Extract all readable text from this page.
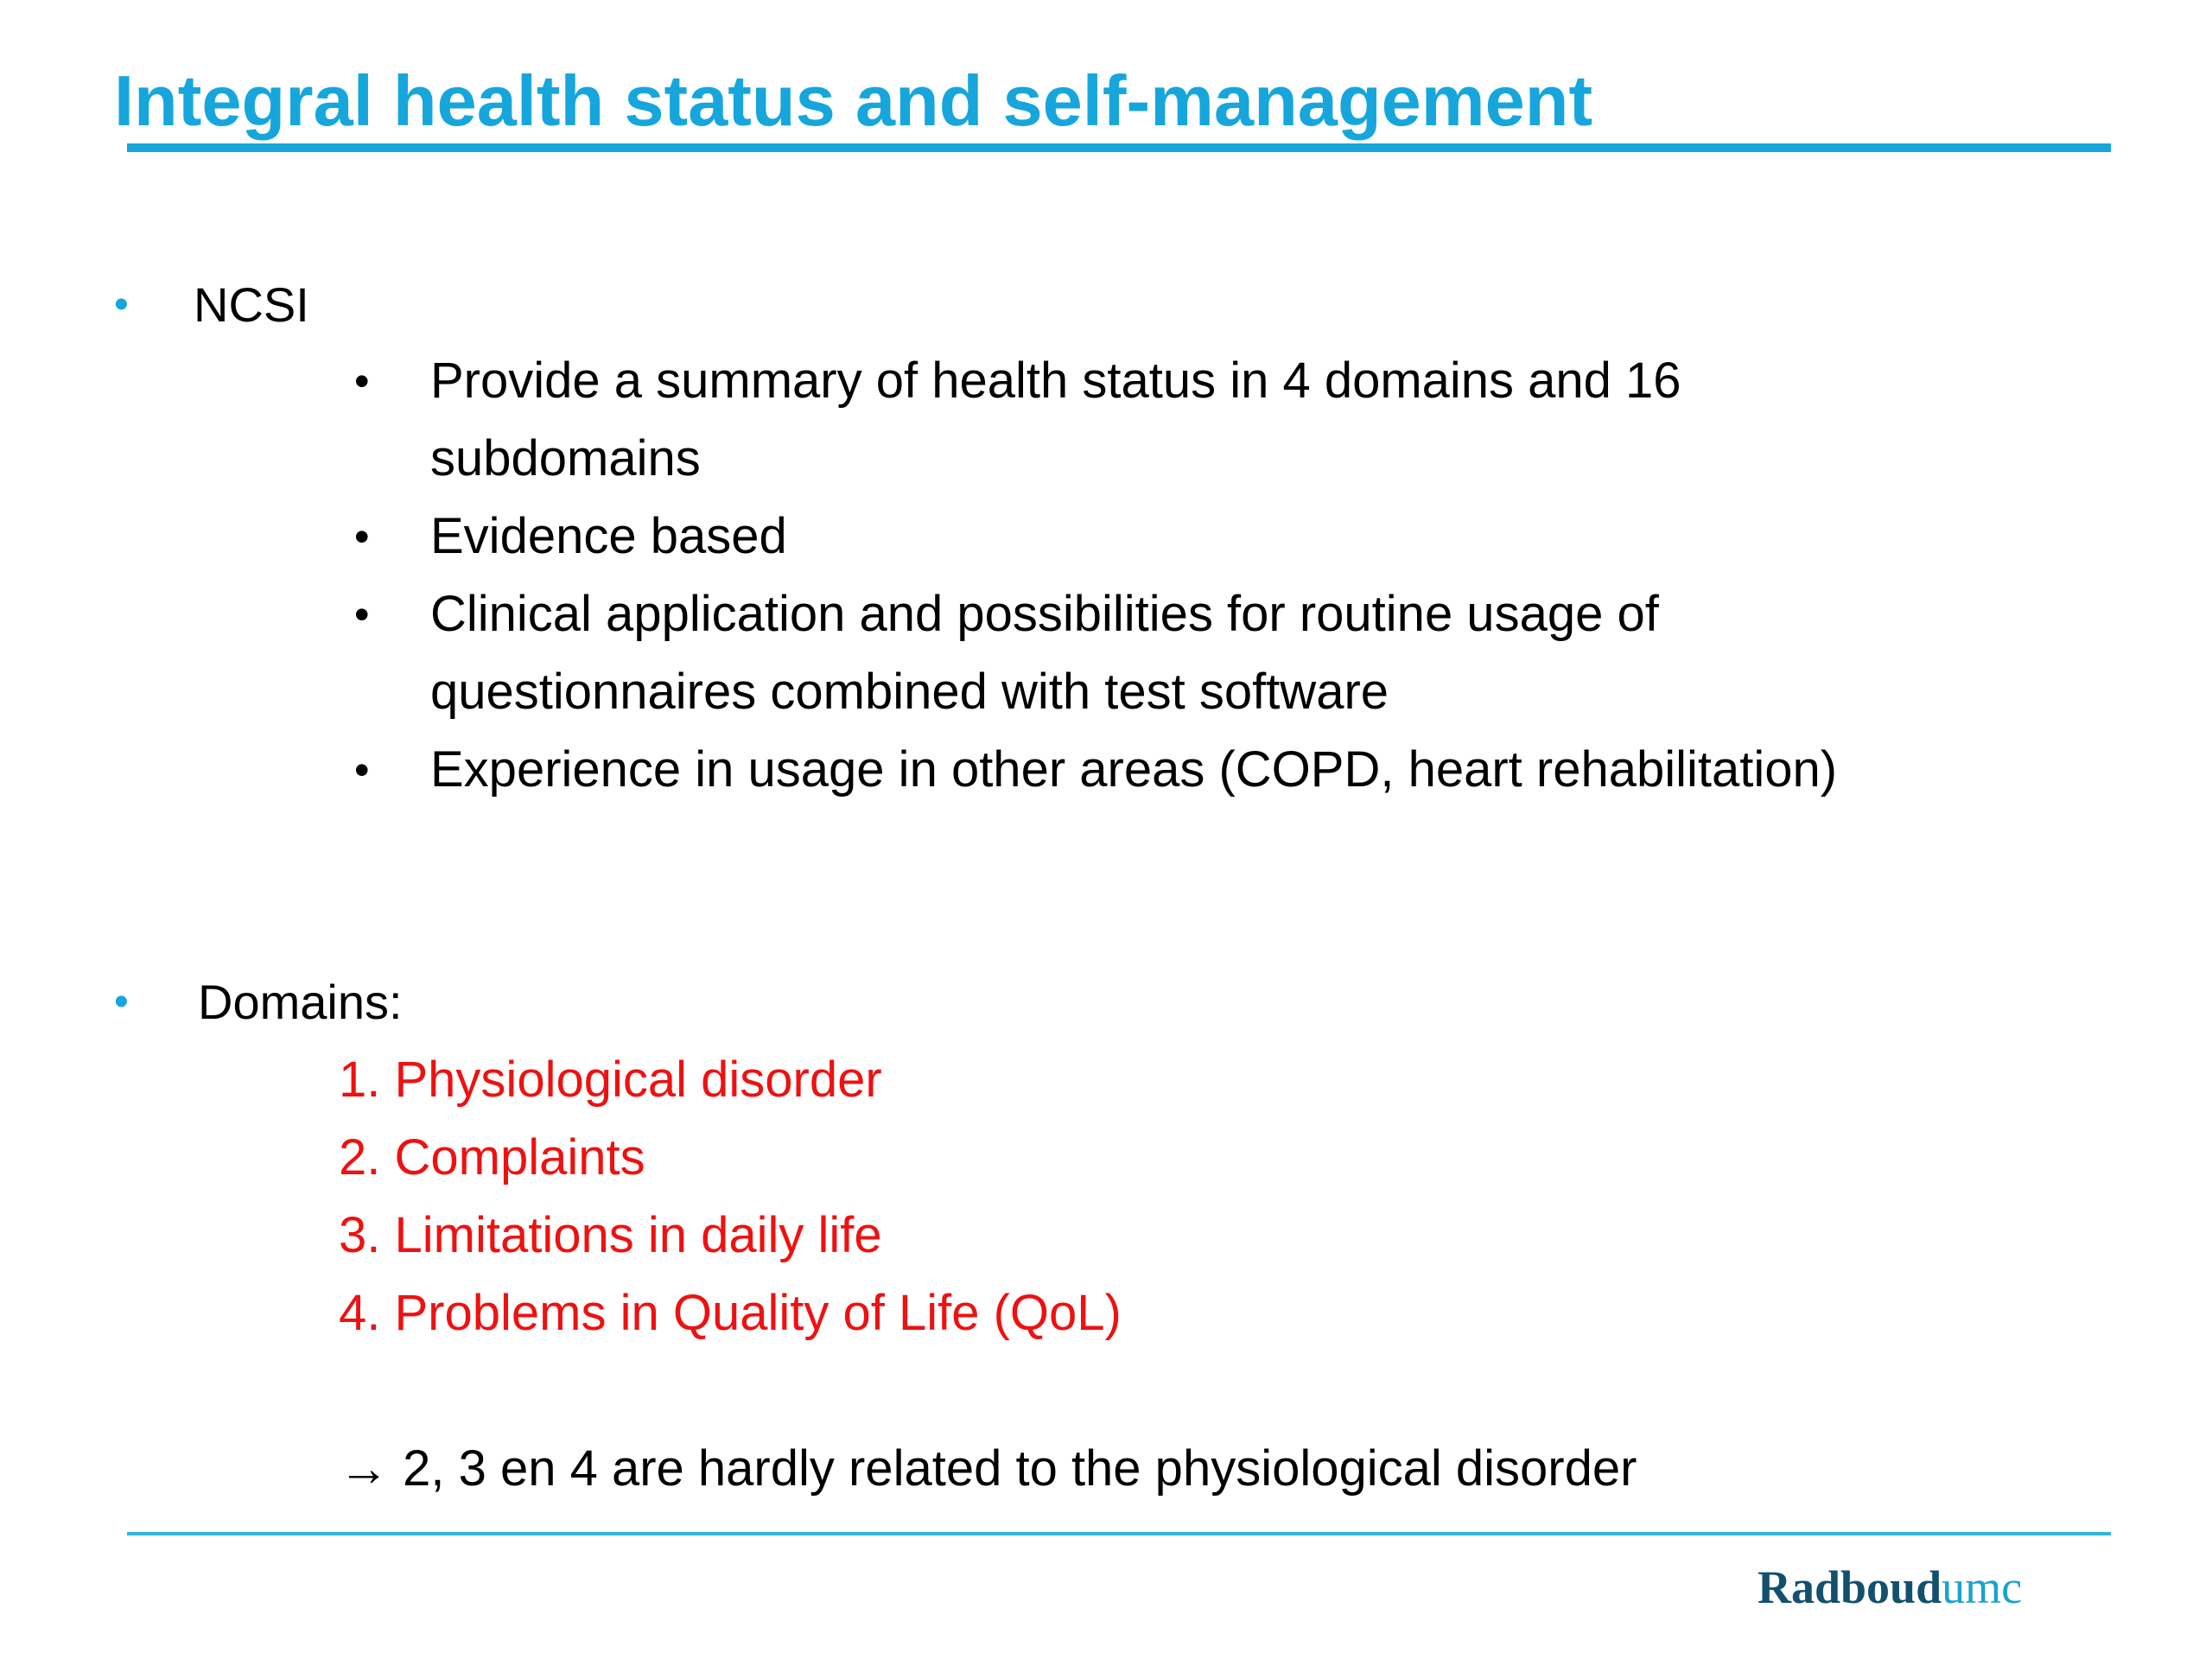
Integral health status and self-management
• NCSI
• Provide a summary of health status in 4 domains and 16
subdomains
• Evidence based
• Clinical application and possibilities for routine usage of
questionnaires combined with test software
• Experience in usage in other areas (COPD, heart rehabilitation)
• Domains:
1. Physiological disorder
2. Complaints
3. Limitations in daily life
4. Problems in Quality of Life (QoL)

→ 2, 3 en 4 are hardly related to the physiological disorder

Radboudumc
